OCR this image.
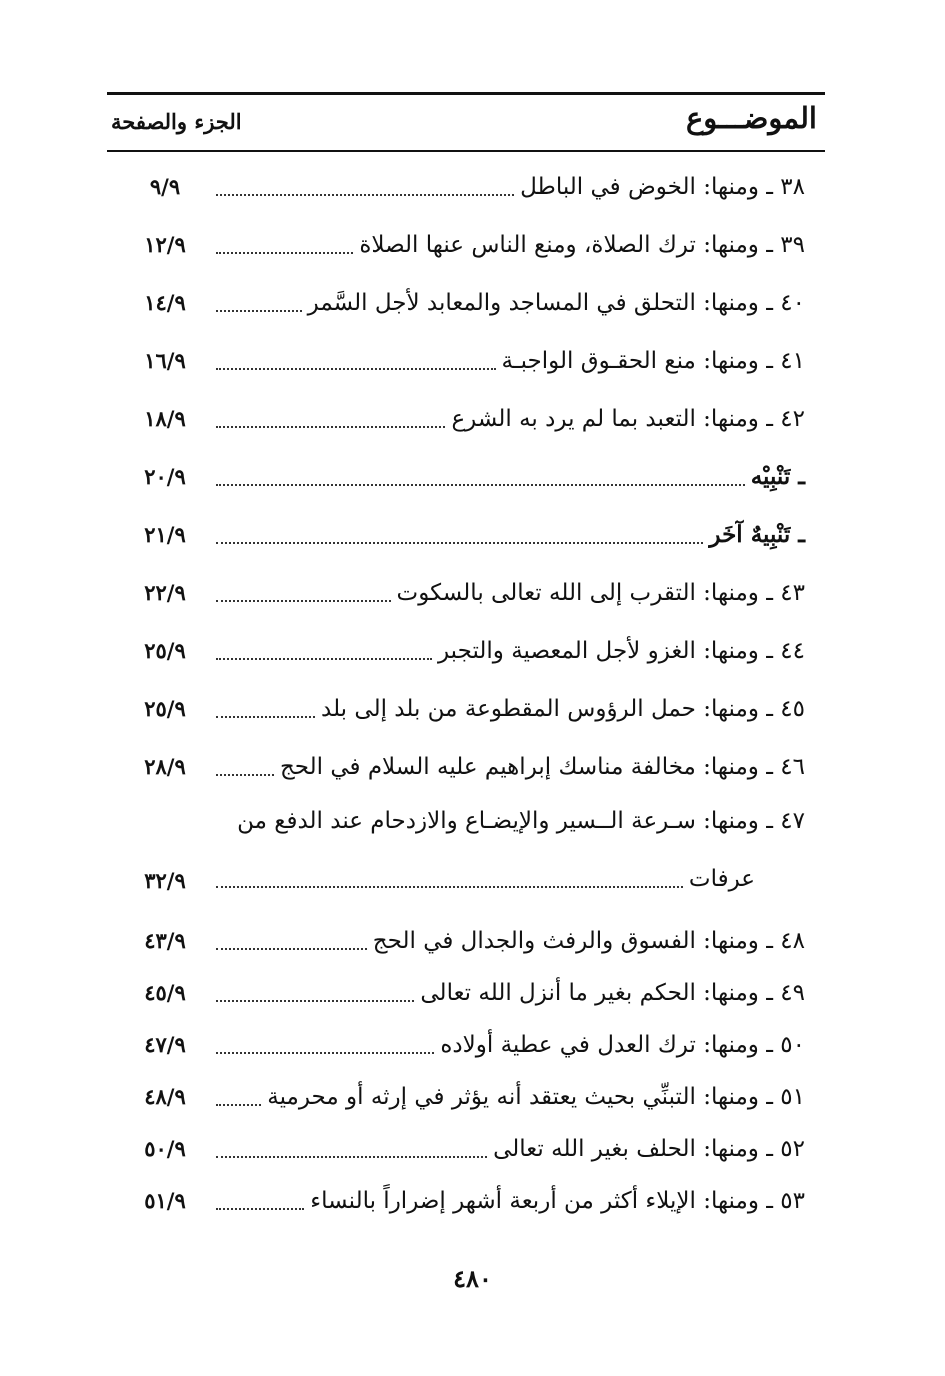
الموضـــوع
الجزء والصفحة
٣٨ ـ ومنها: الخوض في الباطل
٩/٩
٣٩ ـ ومنها: ترك الصلاة، ومنع الناس عنها الصلاة
١٢/٩
٤٠ ـ ومنها: التحلق في المساجد والمعابد لأجل السَّمر
١٤/٩
٤١ ـ ومنها: منع الحقـوق الواجبـة
١٦/٩
٤٢ ـ ومنها: التعبد بما لم يرد به الشرع
١٨/٩
ـ تَنْبِيْه
٢٠/٩
ـ تَنْبِيهٌ آخَر
٢١/٩
٤٣ ـ ومنها: التقرب إلى الله تعالى بالسكوت
٢٢/٩
٤٤ ـ ومنها: الغزو لأجل المعصية والتجبر
٢٥/٩
٤٥ ـ ومنها: حمل الرؤوس المقطوعة من بلد إلى بلد
٢٥/٩
٤٦ ـ ومنها: مخالفة مناسك إبراهيم عليه السلام في الحج
٢٨/٩
٤٧ ـ ومنها: سـرعة الــسير والإيضـاع والازدحام عند الدفع من
عرفات
٣٢/٩
٤٨ ـ ومنها: الفسوق والرفث والجدال في الحج
٤٣/٩
٤٩ ـ ومنها: الحكم بغير ما أنزل الله تعالى
٤٥/٩
٥٠ ـ ومنها: ترك العدل في عطية أولاده
٤٧/٩
٥١ ـ ومنها: التبنِّي بحيث يعتقد أنه يؤثر في إرثه أو محرمية
٤٨/٩
٥٢ ـ ومنها: الحلف بغير الله تعالى
٥٠/٩
٥٣ ـ ومنها: الإيلاء أكثر من أربعة أشهر إضراراً بالنساء
٥١/٩
٤٨٠
